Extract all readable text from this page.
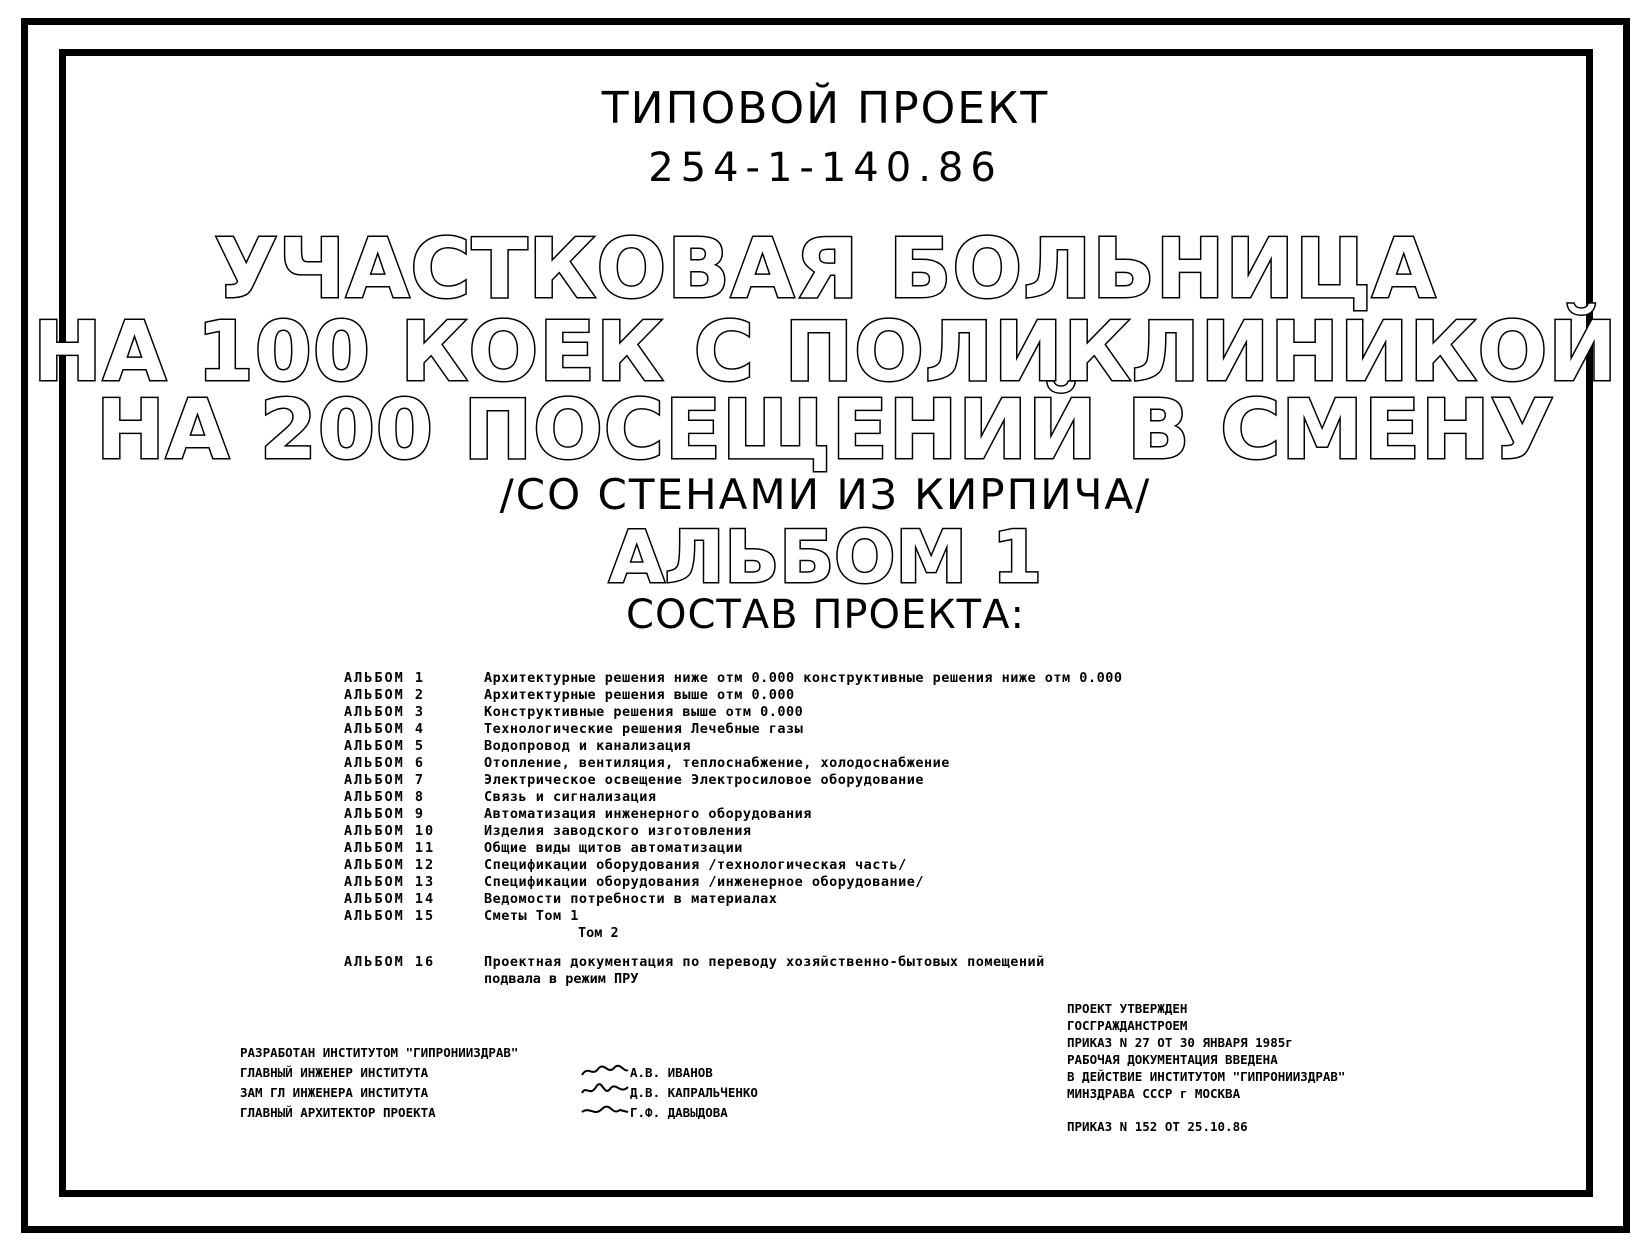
ТИПОВОЙ ПРОЕКТ
254-1-140.86
УЧАСТКОВАЯ БОЛЬНИЦА
НА 100 КОЕК С ПОЛИКЛИНИКОЙ
НА 200 ПОСЕЩЕНИЙ В СМЕНУ
/СО СТЕНАМИ ИЗ КИРПИЧА/
АЛЬБОМ 1
СОСТАВ ПРОЕКТА:
АЛЬБОМ 1	Архитектурные решения ниже отм 0.000 конструктивные решения ниже отм 0.000
АЛЬБОМ 2	Архитектурные решения выше отм 0.000
АЛЬБОМ 3	Конструктивные решения выше отм 0.000
АЛЬБОМ 4	Технологические решения Лечебные газы
АЛЬБОМ 5	Водопровод и канализация
АЛЬБОМ 6	Отопление, вентиляция, теплоснабжение, холодоснабжение
АЛЬБОМ 7	Электрическое освещение Электросиловое оборудование
АЛЬБОМ 8	Связь и сигнализация
АЛЬБОМ 9	Автоматизация инженерного оборудования
АЛЬБОМ 10	Изделия заводского изготовления
АЛЬБОМ 11	Общие виды щитов автоматизации
АЛЬБОМ 12	Спецификации оборудования /технологическая часть/
АЛЬБОМ 13	Спецификации оборудования /инженерное оборудование/
АЛЬБОМ 14	Ведомости потребности в материалах
АЛЬБОМ 15	Сметы Том 1
Том 2
АЛЬБОМ 16	Проектная документация по переводу хозяйственно-бытовых помещений
подвала в режим ПРУ
РАЗРАБОТАН ИНСТИТУТОМ "ГИПРОНИИЗДРАВ"
ГЛАВНЫЙ ИНЖЕНЕР ИНСТИТУТА	А.В. ИВАНОВ
ЗАМ ГЛ ИНЖЕНЕРА ИНСТИТУТА	Д.В. КАПРАЛЬЧЕНКО
ГЛАВНЫЙ АРХИТЕКТОР ПРОЕКТА	Г.Ф. ДАВЫДОВА
ПРОЕКТ УТВЕРЖДЕН
ГОСГРАЖДАНСТРОЕМ
ПРИКАЗ N 27 ОТ 30 ЯНВАРЯ 1985г
РАБОЧАЯ ДОКУМЕНТАЦИЯ ВВЕДЕНА
В ДЕЙСТВИЕ ИНСТИТУТОМ "ГИПРОНИИЗДРАВ"
МИНЗДРАВА СССР г МОСКВА
ПРИКАЗ N 152 ОТ 25.10.86
